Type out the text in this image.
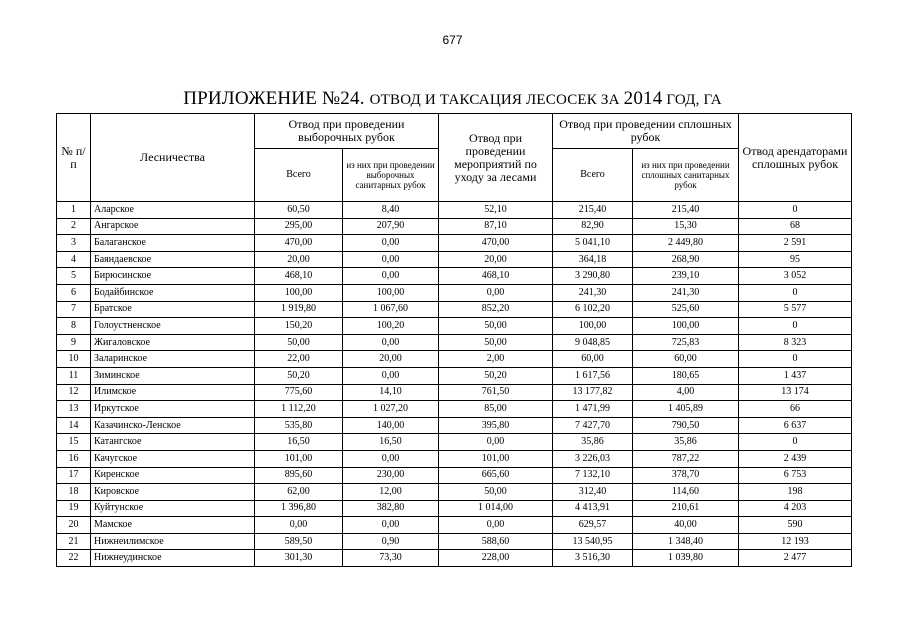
677
ПРИЛОЖЕНИЕ №24. ОТВОД И ТАКСАЦИЯ ЛЕСОСЕК ЗА 2014 ГОД, ГА
№ п/п	Лесничества	Отвод при проведении выборочных рубок		Отвод при проведении мероприятий по уходу за лесами	Отвод при проведении сплошных рубок		Отвод арендаторами сплошных рубок
		Всего	из них при проведении выборочных санитарных рубок		Всего	из них при проведении сплошных санитарных рубок	
1	Аларское	60,50	8,40	52,10	215,40	215,40	0
2	Ангарское	295,00	207,90	87,10	82,90	15,30	68
3	Балаганское	470,00	0,00	470,00	5 041,10	2 449,80	2 591
4	Баяндаевское	20,00	0,00	20,00	364,18	268,90	95
5	Бирюсинское	468,10	0,00	468,10	3 290,80	239,10	3 052
6	Бодайбинское	100,00	100,00	0,00	241,30	241,30	0
7	Братское	1 919,80	1 067,60	852,20	6 102,20	525,60	5 577
8	Голоустненское	150,20	100,20	50,00	100,00	100,00	0
9	Жигаловское	50,00	0,00	50,00	9 048,85	725,83	8 323
10	Заларинское	22,00	20,00	2,00	60,00	60,00	0
11	Зиминское	50,20	0,00	50,20	1 617,56	180,65	1 437
12	Илимское	775,60	14,10	761,50	13 177,82	4,00	13 174
13	Иркутское	1 112,20	1 027,20	85,00	1 471,99	1 405,89	66
14	Казачинско-Ленское	535,80	140,00	395,80	7 427,70	790,50	6 637
15	Катангское	16,50	16,50	0,00	35,86	35,86	0
16	Качугское	101,00	0,00	101,00	3 226,03	787,22	2 439
17	Киренское	895,60	230,00	665,60	7 132,10	378,70	6 753
18	Кировское	62,00	12,00	50,00	312,40	114,60	198
19	Куйтунское	1 396,80	382,80	1 014,00	4 413,91	210,61	4 203
20	Мамское	0,00	0,00	0,00	629,57	40,00	590
21	Нижнеилимское	589,50	0,90	588,60	13 540,95	1 348,40	12 193
22	Нижнеудинское	301,30	73,30	228,00	3 516,30	1 039,80	2 477
